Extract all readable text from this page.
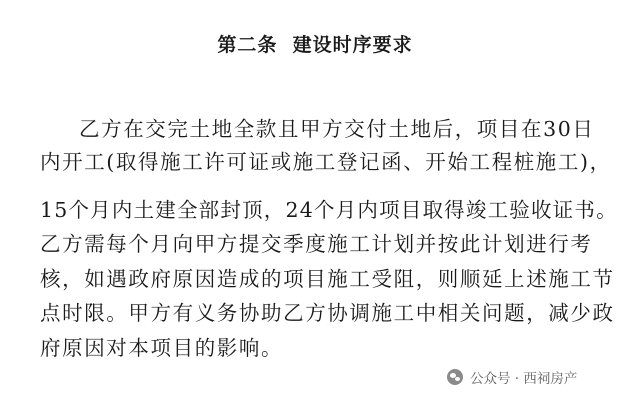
第二条  建设时序要求
乙方在交完土地全款且甲方交付土地后，项目在30日
内开工(取得施工许可证或施工登记函、开始工程桩施工)，
15个月内土建全部封顶，24个月内项目取得竣工验收证书。
乙方需每个月向甲方提交季度施工计划并按此计划进行考
核，如遇政府原因造成的项目施工受阻，则顺延上述施工节
点时限。甲方有义务协助乙方协调施工中相关问题，减少政
府原因对本项目的影响。
公众号 · 西祠房产
